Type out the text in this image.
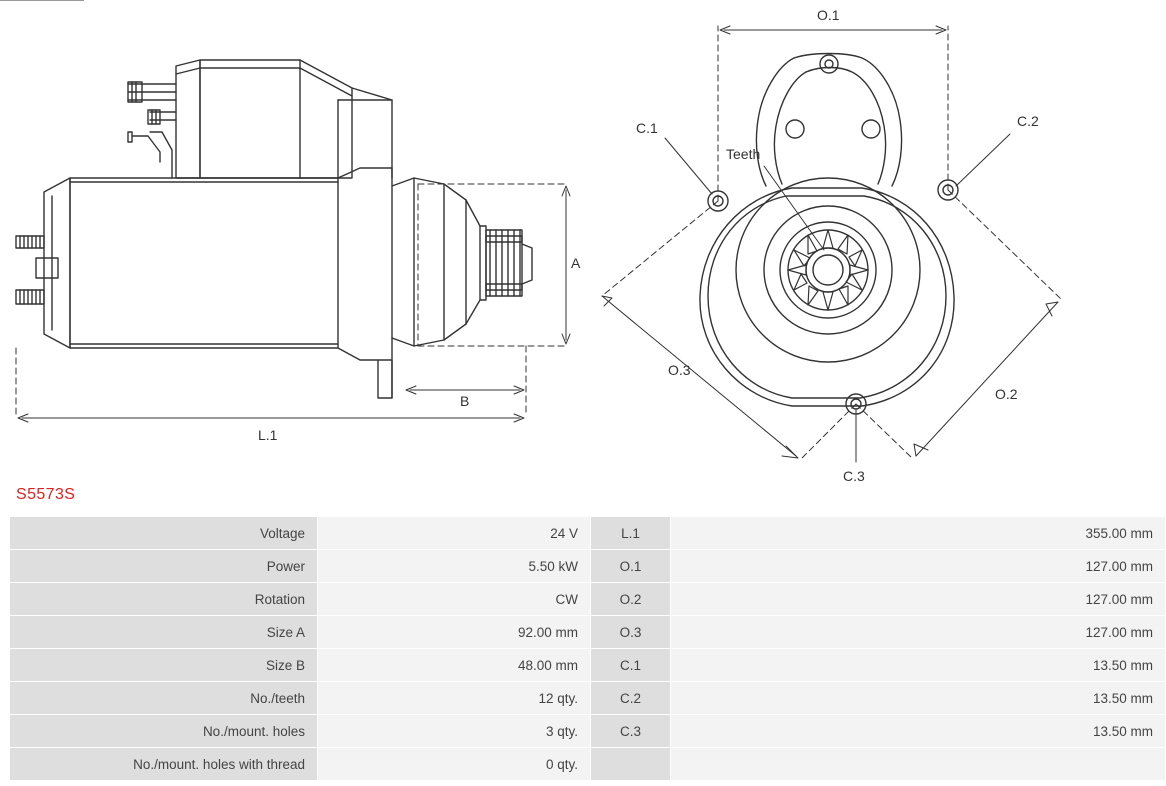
A
B
L.1
O.1
O.3
O.2
C.1	C.2
C.3
Teeth
S5573S
Voltage	24 V	L.1	355.00 mm
Power	5.50 kW	O.1	127.00 mm
Rotation	CW	O.2	127.00 mm
Size A	92.00 mm	O.3	127.00 mm
Size B	48.00 mm	C.1	13.50 mm
No./teeth	12 qty.	C.2	13.50 mm
No./mount. holes	3 qty.	C.3	13.50 mm
No./mount. holes with thread	0 qty.		
